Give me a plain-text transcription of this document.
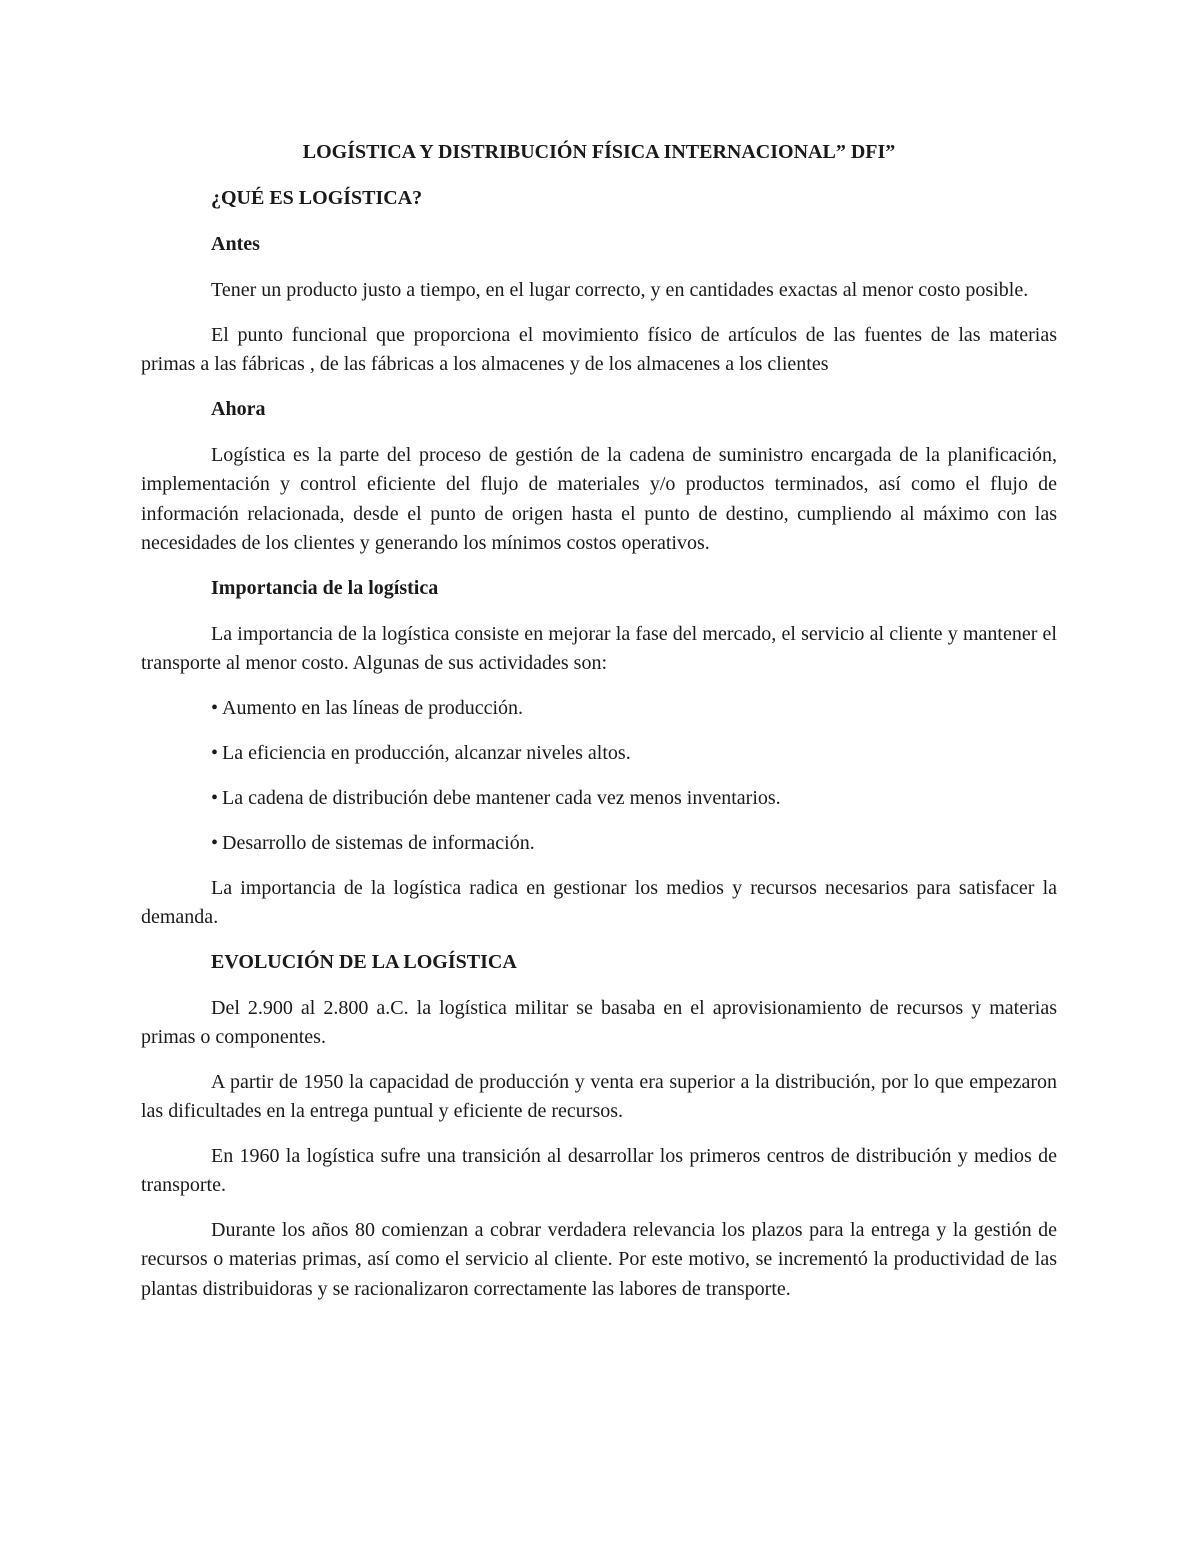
LOGÍSTICA Y DISTRIBUCIÓN FÍSICA INTERNACIONAL” DFI”

¿QUÉ ES LOGÍSTICA?

Antes

Tener un producto justo a tiempo, en el lugar correcto, y en cantidades exactas al menor costo posible.

El punto funcional que proporciona el movimiento físico de artículos de las fuentes de las materias primas a las fábricas , de las fábricas a los almacenes y de los almacenes a los clientes

Ahora

Logística es la parte del proceso de gestión de la cadena de suministro encargada de la planificación, implementación y control eficiente del flujo de materiales y/o productos terminados, así como el flujo de información relacionada, desde el punto de origen hasta el punto de destino, cumpliendo al máximo con las necesidades de los clientes y generando los mínimos costos operativos.

Importancia de la logística

La importancia de la logística consiste en mejorar la fase del mercado, el servicio al cliente y mantener el transporte al menor costo. Algunas de sus actividades son:

• Aumento en las líneas de producción.

• La eficiencia en producción, alcanzar niveles altos.

• La cadena de distribución debe mantener cada vez menos inventarios.

• Desarrollo de sistemas de información.

La importancia de la logística radica en gestionar los medios y recursos necesarios para satisfacer la demanda.

EVOLUCIÓN DE LA LOGÍSTICA

Del 2.900 al 2.800 a.C. la logística militar se basaba en el aprovisionamiento de recursos y materias primas o componentes.

A partir de 1950 la capacidad de producción y venta era superior a la distribución, por lo que empezaron las dificultades en la entrega puntual y eficiente de recursos.

En 1960 la logística sufre una transición al desarrollar los primeros centros de distribución y medios de transporte.

Durante los años 80 comienzan a cobrar verdadera relevancia los plazos para la entrega y la gestión de recursos o materias primas, así como el servicio al cliente. Por este motivo, se incrementó la productividad de las plantas distribuidoras y se racionalizaron correctamente las labores de transporte.
